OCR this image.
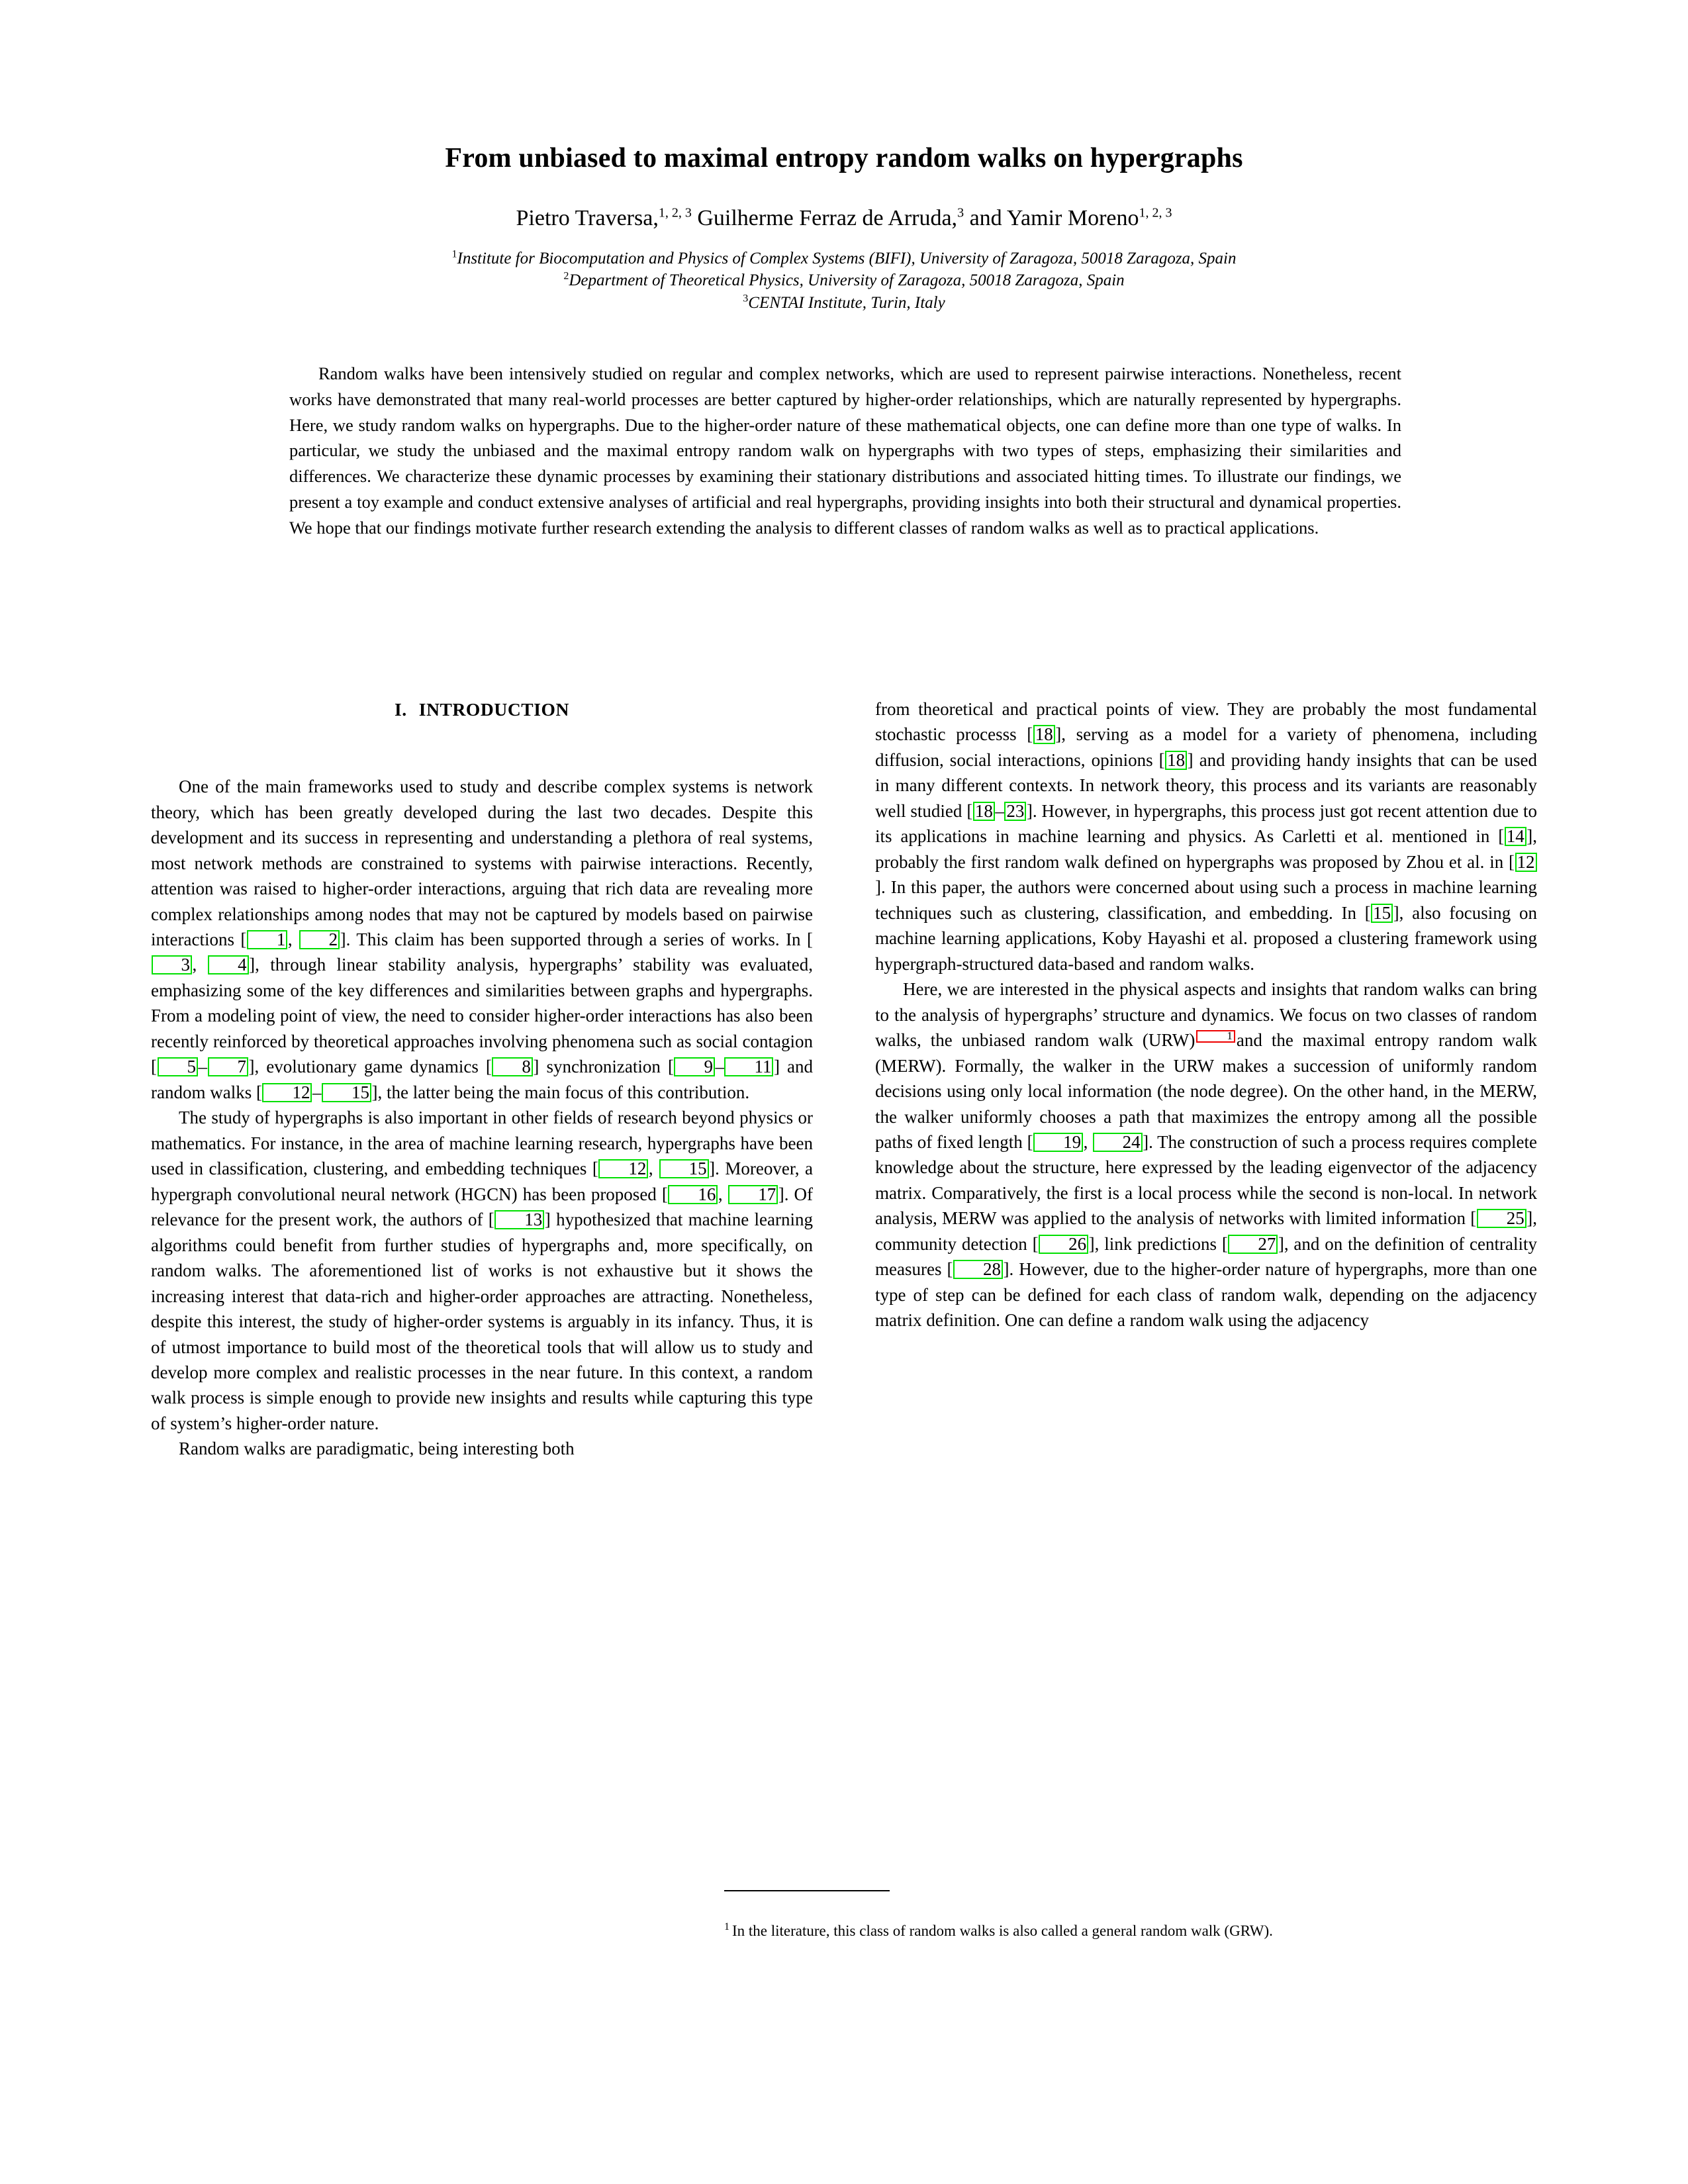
From unbiased to maximal entropy random walks on hypergraphs
Pietro Traversa,$^{1, 2, 3}$ Guilherme Ferraz de Arruda,$^3$ and Yamir Moreno$^{1, 2, 3}$
$^1$Institute for Biocomputation and Physics of Complex Systems (BIFI), University of Zaragoza, 50018 Zaragoza, Spain
$^2$Department of Theoretical Physics, University of Zaragoza, 50018 Zaragoza, Spain
$^3$CENTAI Institute, Turin, Italy
Random walks have been intensively studied on regular and complex networks, which are used to represent pairwise interactions. Nonetheless, recent works have demonstrated that many real-world processes are better captured by higher-order relationships, which are naturally represented by hypergraphs. Here, we study random walks on hypergraphs. Due to the higher-order nature of these mathematical objects, one can define more than one type of walks. In particular, we study the unbiased and the maximal entropy random walk on hypergraphs with two types of steps, emphasizing their similarities and differences. We characterize these dynamic processes by examining their stationary distributions and associated hitting times. To illustrate our findings, we present a toy example and conduct extensive analyses of artificial and real hypergraphs, providing insights into both their structural and dynamical properties. We hope that our findings motivate further research extending the analysis to different classes of random walks as well as to practical applications.
I. INTRODUCTION

One of the main frameworks used to study and describe complex systems is network theory, which has been greatly developed during the last two decades. Despite this development and its success in representing and understanding a plethora of real systems, most network methods are constrained to systems with pairwise interactions. Recently, attention was raised to higher-order interactions, arguing that rich data are revealing more complex relationships among nodes that may not be captured by models based on pairwise interactions [ 1 , 2 ]. This claim has been supported through a series of works. In [3 , 4 ], through linear stability analysis, hypergraphs’ stability was evaluated, emphasizing some of the key differences and similarities between graphs and hypergraphs. From a modeling point of view, the need to consider higher-order interactions has also been recently reinforced by theoretical approaches involving phenomena such as social contagion [ 5 – 7 ], evolutionary game dynamics [ 8 ] synchronization [ 9 – 11 ] and random walks [ 12 – 15 ], the latter being the main focus of this contribution.

The study of hypergraphs is also important in other fields of research beyond physics or mathematics. For instance, in the area of machine learning research, hypergraphs have been used in classification, clustering, and embedding techniques [ 12 , 15 ]. Moreover, a hypergraph convolutional neural network (HGCN) has been proposed [ 16 , 17 ]. Of relevance for the present work, the authors of [ 13 ] hypothesized that machine learning algorithms could benefit from further studies of hypergraphs and, more specifically, on random walks. The aforementioned list of works is not exhaustive but it shows the increasing interest that data-rich and higher-order approaches are attracting. Nonetheless, despite this interest, the study of higher-order systems is arguably in its infancy. Thus, it is of utmost importance to build most of the theoretical tools that will allow us to study and develop more complex and realistic processes in the near future. In this context, a random walk process is simple enough to provide new insights and results while capturing this type of system’s higher-order nature.

Random walks are paradigmatic, being interesting both

from theoretical and practical points of view. They are probably the most fundamental stochastic processs [ 18 ], serving as a model for a variety of phenomena, including diffusion, social interactions, opinions [ 18 ] and providing handy insights that can be used in many different contexts. In network theory, this process and its variants are reasonably well studied [ 18 – 23 ]. However, in hypergraphs, this process just got recent attention due to its applications in machine learning and physics. As Carletti et al. mentioned in [ 14 ], probably the first random walk defined on hypergraphs was proposed by Zhou et al. in [ 12]. In this paper, the authors were concerned about using such a process in machine learning techniques such as clustering, classification, and embedding. In [ 15 ], also focusing on machine learning applications, Koby Hayashi et al. proposed a clustering framework using hypergraph-structured data-based and random walks.

Here, we are interested in the physical aspects and insights that random walks can bring to the analysis of hypergraphs’ structure and dynamics. We focus on two classes of random walks, the unbiased random walk (URW)	1 and the maximal entropy random walk (MERW). Formally, the walker in the URW makes a succession of uniformly random decisions using only local information (the node degree). On the other hand, in the MERW, the walker uniformly chooses a path that maximizes the entropy among all the possible paths of fixed length [ 19 , 24 ]. The construction of such a process requires complete knowledge about the structure, here expressed by the leading eigenvector of the adjacency matrix. Comparatively, the first is a local process while the second is non-local. In network analysis, MERW was applied to the analysis of networks with limited information [ 25 ], community detection [ 26 ], link predictions [ 27 ], and on the definition of centrality measures [ 28 ]. However, due to the higher-order nature of hypergraphs, more than one type of step can be defined for each class of random walk, depending on the adjacency matrix definition. One can define a random walk using the adjacency

$^1$ In the literature, this class of random walks is also called a general random walk (GRW).
